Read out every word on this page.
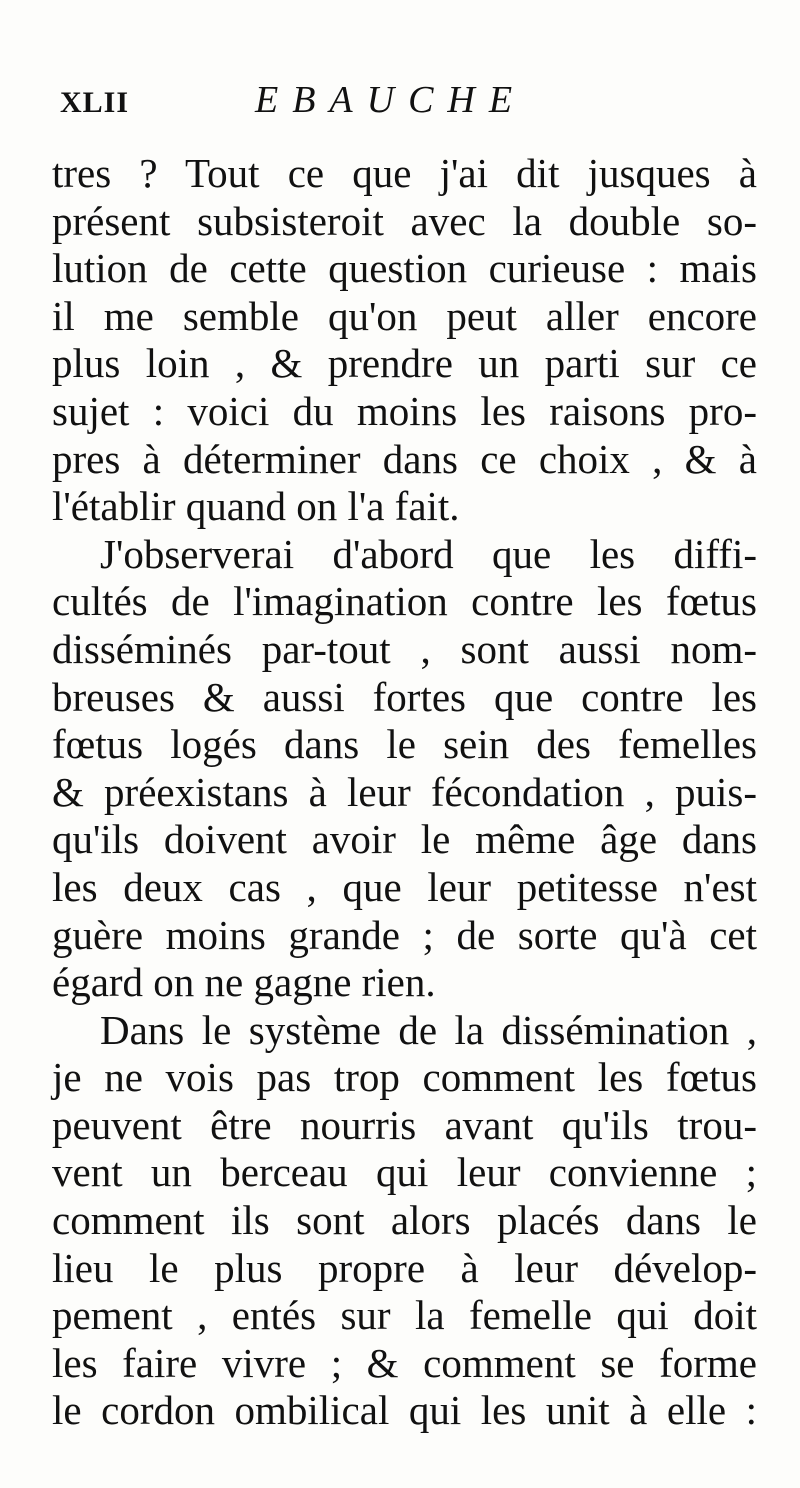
XLII	EBAUCHE
tres ? Tout ce que j'ai dit jusques à
présent subsisteroit avec la double so-
lution de cette question curieuse : mais
il me semble qu'on peut aller encore
plus loin , & prendre un parti sur ce
sujet : voici du moins les raisons pro-
pres à déterminer dans ce choix , & à
l'établir quand on l'a fait.
J'observerai d'abord que les diffi-
cultés de l'imagination contre les fœtus
disséminés par-tout , sont aussi nom-
breuses & aussi fortes que contre les
fœtus logés dans le sein des femelles
& préexistans à leur fécondation , puis-
qu'ils doivent avoir le même âge dans
les deux cas , que leur petitesse n'est
guère moins grande ; de sorte qu'à cet
égard on ne gagne rien.
Dans le système de la dissémination ,
je ne vois pas trop comment les fœtus
peuvent être nourris avant qu'ils trou-
vent un berceau qui leur convienne ;
comment ils sont alors placés dans le
lieu le plus propre à leur dévelop-
pement , entés sur la femelle qui doit
les faire vivre ; & comment se forme
le cordon ombilical qui les unit à elle :
